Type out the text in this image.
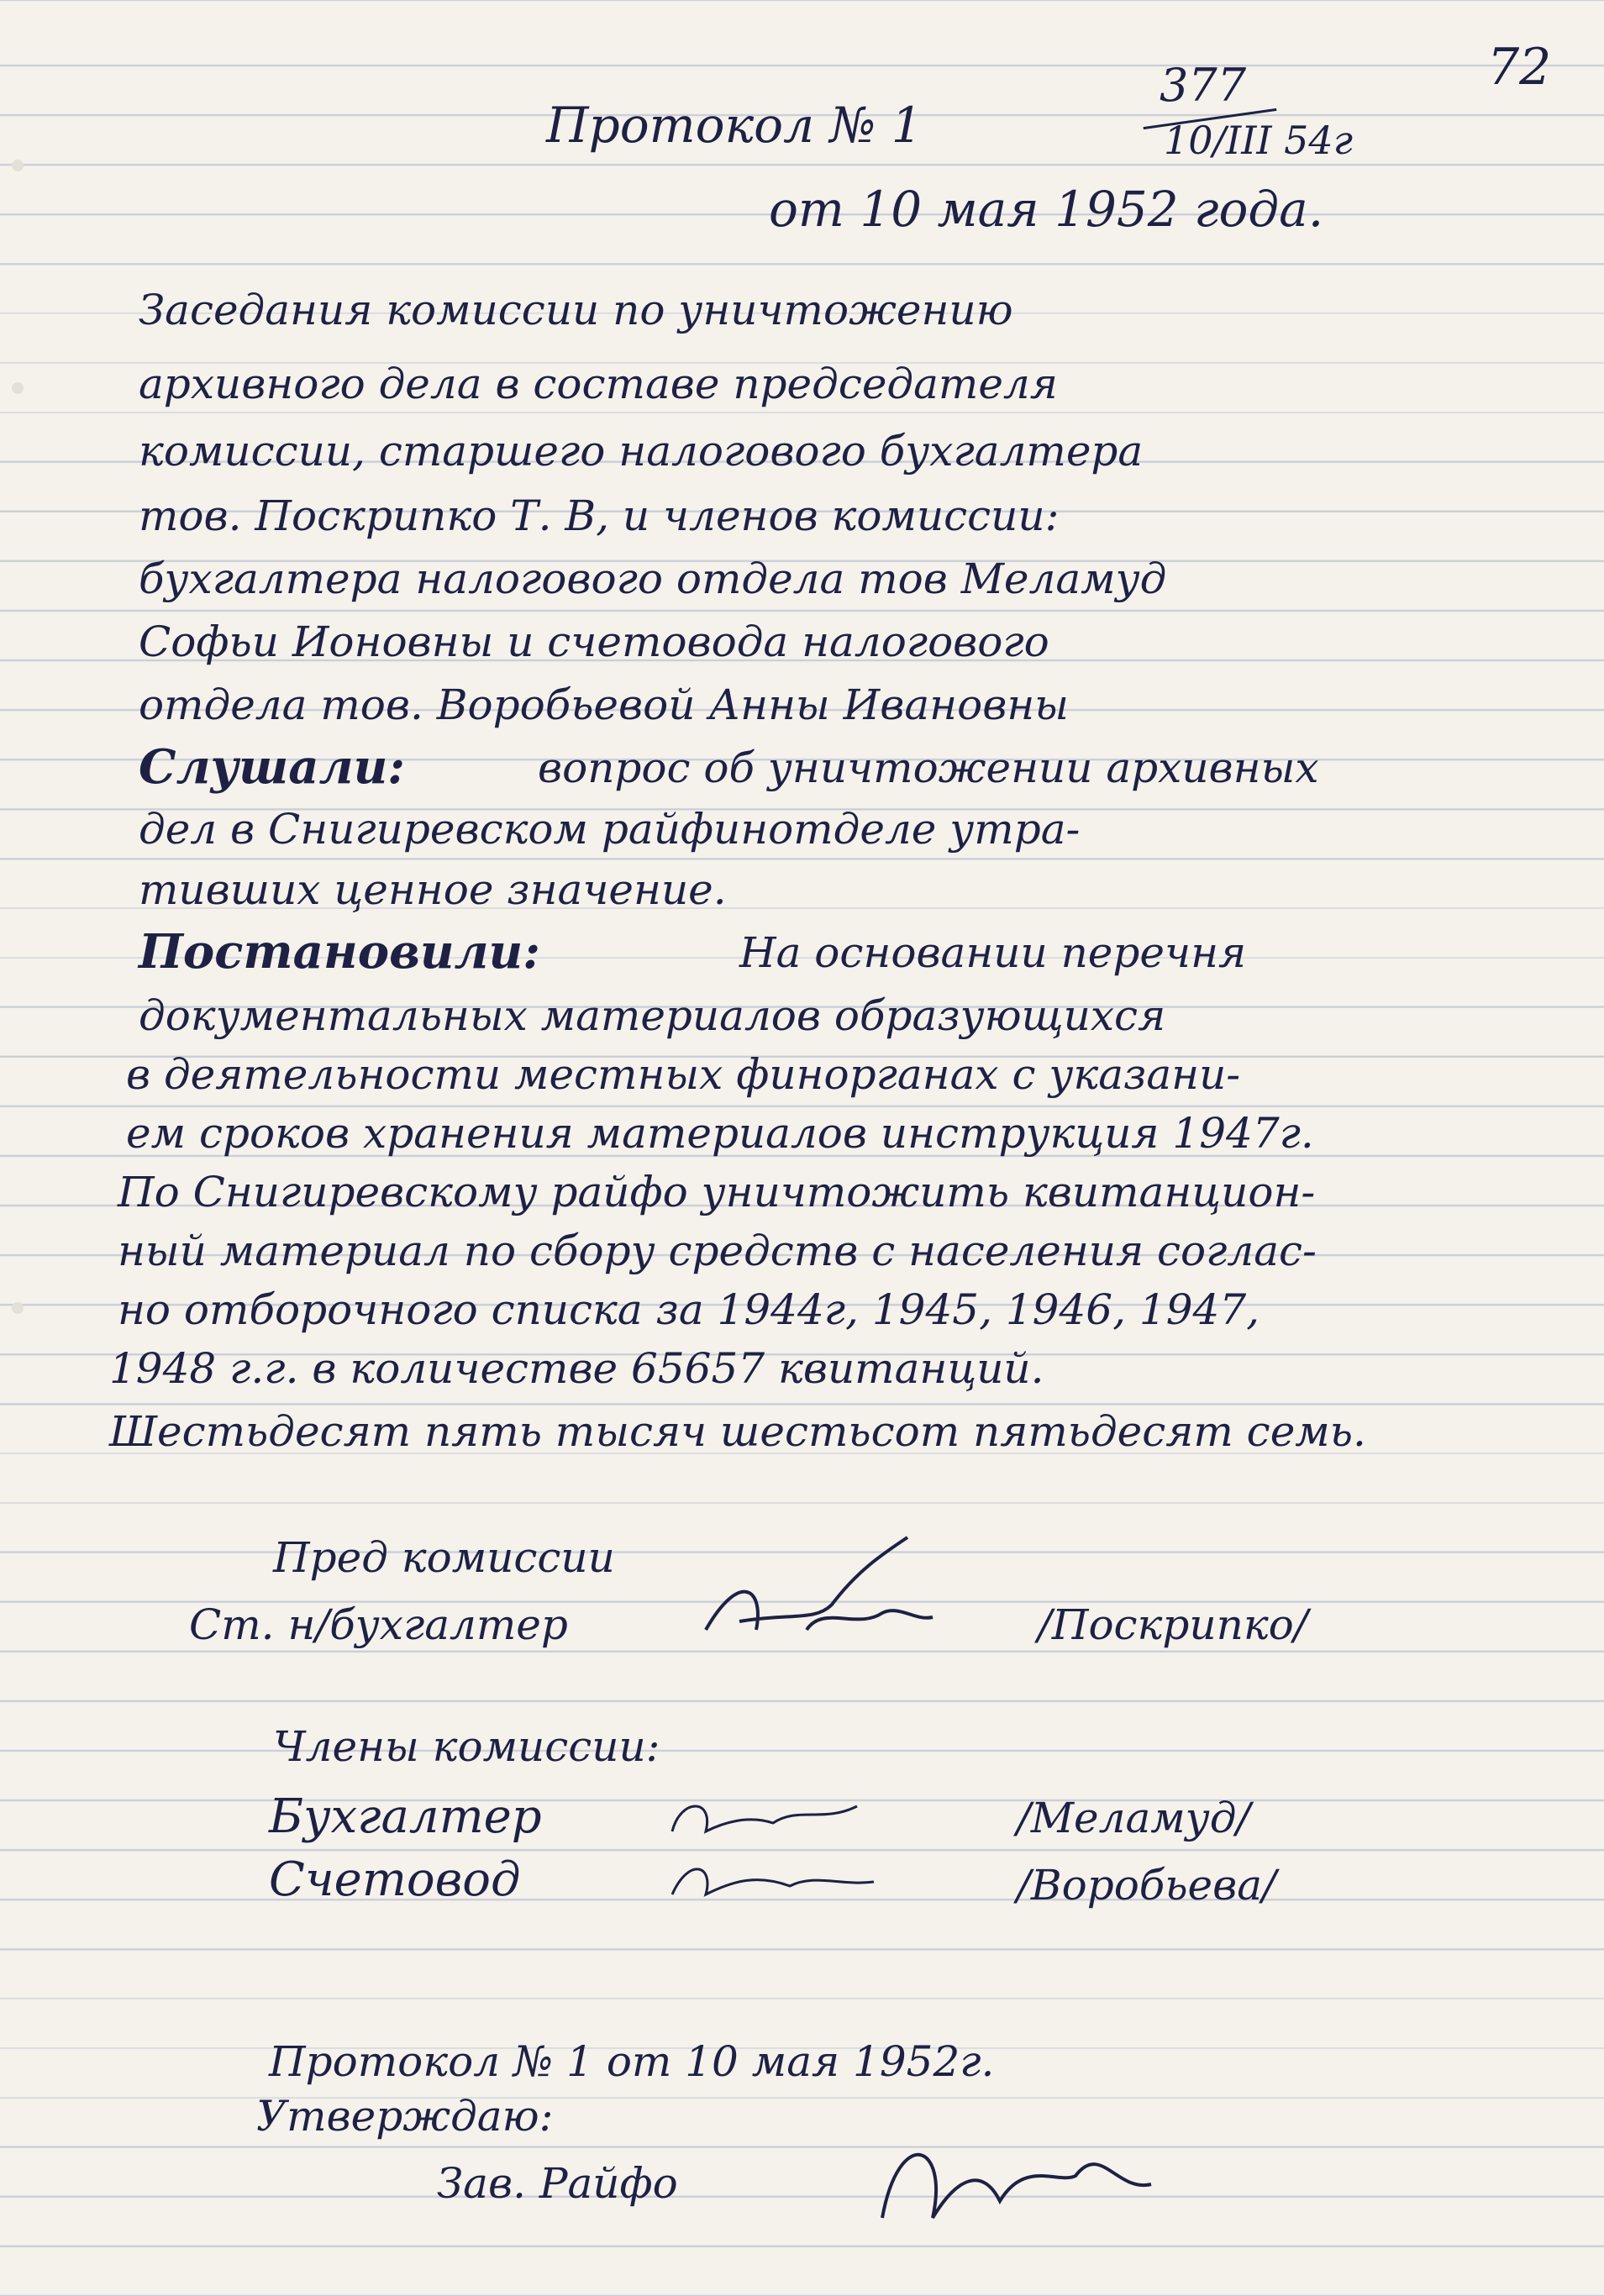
72
377
10/III 54г
Протокол № 1
от 10 мая 1952 года.
Заседания комиссии по уничтожению
архивного дела в составе председателя
комиссии, старшего налогового бухгалтера
тов. Поскрипко Т. В, и членов комиссии:
бухгалтера налогового отдела тов Меламуд
Софьи Ионовны и счетовода налогового
отдела тов. Воробьевой Анны Ивановны
Слушали:	вопрос об уничтожении архивных
дел в Снигиревском райфинотделе утра-
тивших ценное значение.
Постановили:	На основании перечня
документальных материалов образующихся
в деятельности местных финорганах с указани-
ем сроков хранения материалов инструкция 1947г.
По Снигиревскому райфо уничтожить квитанцион-
ный материал по сбору средств с населения соглас-
но отборочного списка за 1944г, 1945, 1946, 1947,
1948 г.г. в количестве 65657 квитанций.
Шестьдесят пять тысяч шестьсот пятьдесят семь.
Пред комиссии
Ст. н/бухгалтер	/Поскрипко/
Члены комиссии:
Бухгалтер	/Меламуд/
Счетовод	/Воробьева/
Протокол № 1 от 10 мая 1952г.
Утверждаю:
Зав. Райфо
